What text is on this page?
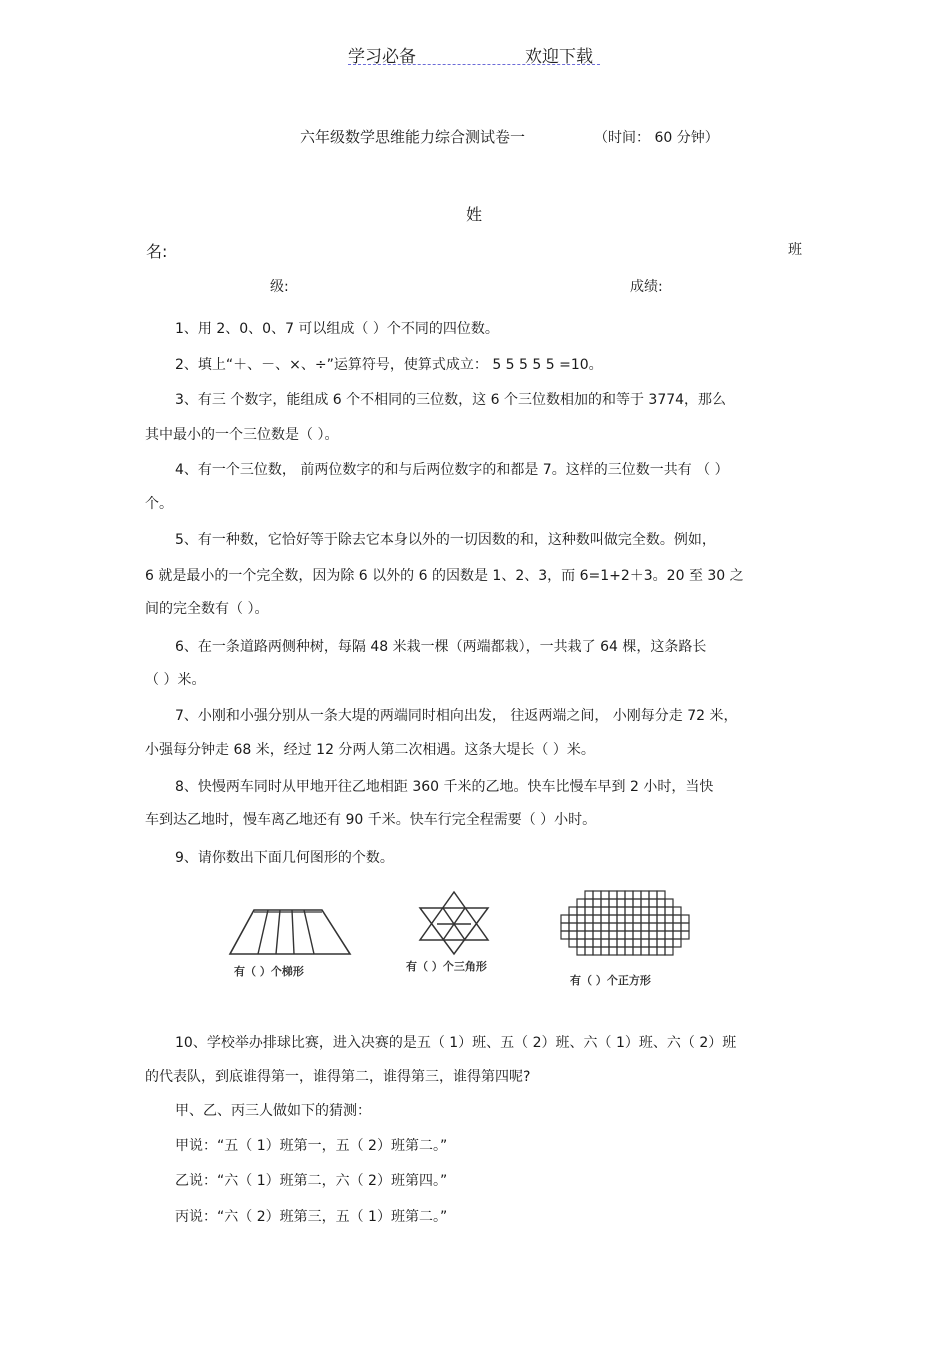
学习必备	欢迎下载
六年级数学思维能力综合测试卷一	（时间： 60 分钟）
姓
名:	班
级:	成绩:
1、用 2、0、0、7 可以组成（ ）个不同的四位数。
2、填上“＋、－、×、÷”运算符号，使算式成立： 5 5 5 5 5 =10。
3、有三 个数字，能组成 6 个不相同的三位数，这 6 个三位数相加的和等于 3774，那么
其中最小的一个三位数是（ ）。
4、有一个三位数， 前两位数字的和与后两位数字的和都是 7。这样的三位数一共有 （ ）
个。
5、有一种数，它恰好等于除去它本身以外的一切因数的和，这种数叫做完全数。例如，
6 就是最小的一个完全数，因为除 6 以外的 6 的因数是 1、2、3，而 6=1+2＋3。20 至 30 之
间的完全数有（ ）。
6、在一条道路两侧种树，每隔 48 米栽一棵（两端都栽），一共栽了 64 棵，这条路长
（ ）米。
7、小刚和小强分别从一条大堤的两端同时相向出发， 往返两端之间， 小刚每分走 72 米，
小强每分钟走 68 米，经过 12 分两人第二次相遇。这条大堤长（ ）米。
8、快慢两车同时从甲地开往乙地相距 360 千米的乙地。快车比慢车早到 2 小时，当快
车到达乙地时，慢车离乙地还有 90 千米。快车行完全程需要（ ）小时。
9、请你数出下面几何图形的个数。
有（ ）个梯形	有（ ）个三角形
有（ ）个正方形
10、学校举办排球比赛，进入决赛的是五（ 1）班、五（ 2）班、六（ 1）班、六（ 2）班
的代表队，到底谁得第一，谁得第二，谁得第三，谁得第四呢?
甲、乙、丙三人做如下的猜测：
甲说：“五（ 1）班第一，五（ 2）班第二。”
乙说：“六（ 1）班第二，六（ 2）班第四。”
丙说：“六（ 2）班第三，五（ 1）班第二。”
